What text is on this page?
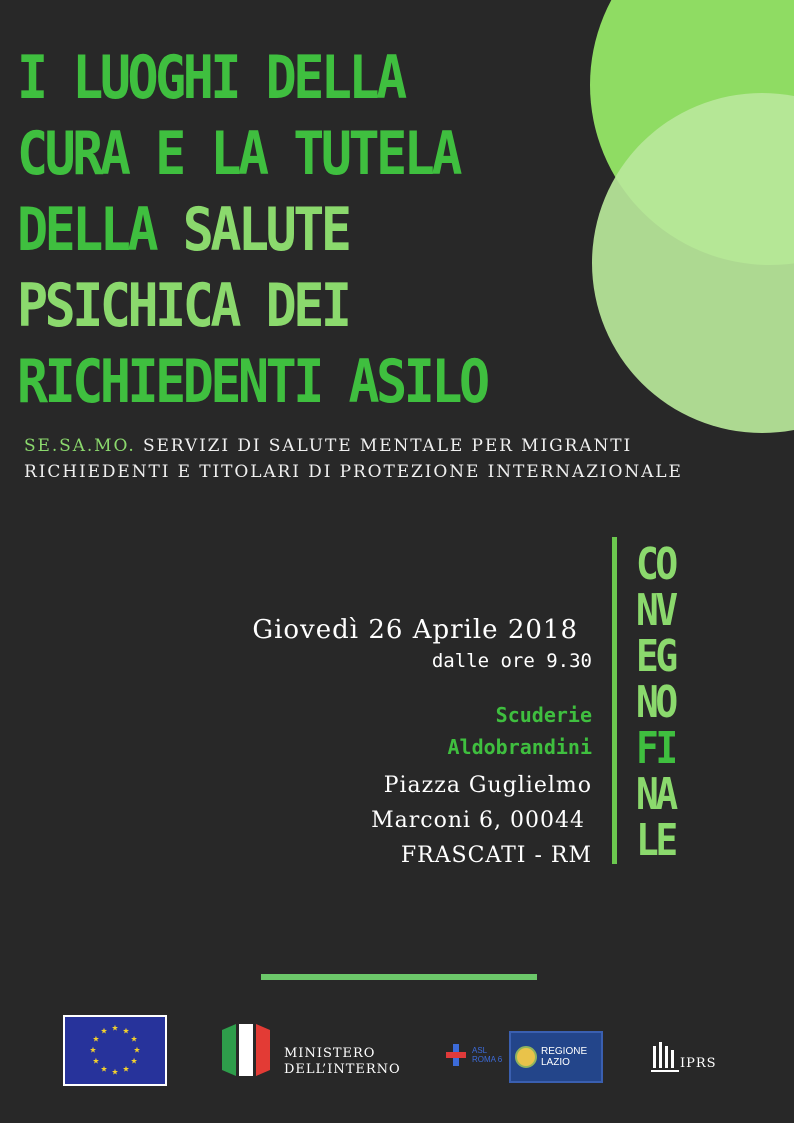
I LUOGHI DELLA
CURA E LA TUTELA
DELLA SALUTE
PSICHICA DEI
RICHIEDENTI ASILO
SE.SA.MO. SERVIZI DI SALUTE MENTALE PER MIGRANTI RICHIEDENTI E TITOLARI DI PROTEZIONE INTERNAZIONALE
CO
NV
EG
NO
FI
NA
LE
Giovedì 26 Aprile 2018
dalle ore 9.30
Scuderie
Aldobrandini
Piazza Guglielmo
Marconi 6, 00044
FRASCATI - RM
MINISTERO
DELL’INTERNO
ASL
ROMA 6
REGIONE
LAZIO	IPRS
